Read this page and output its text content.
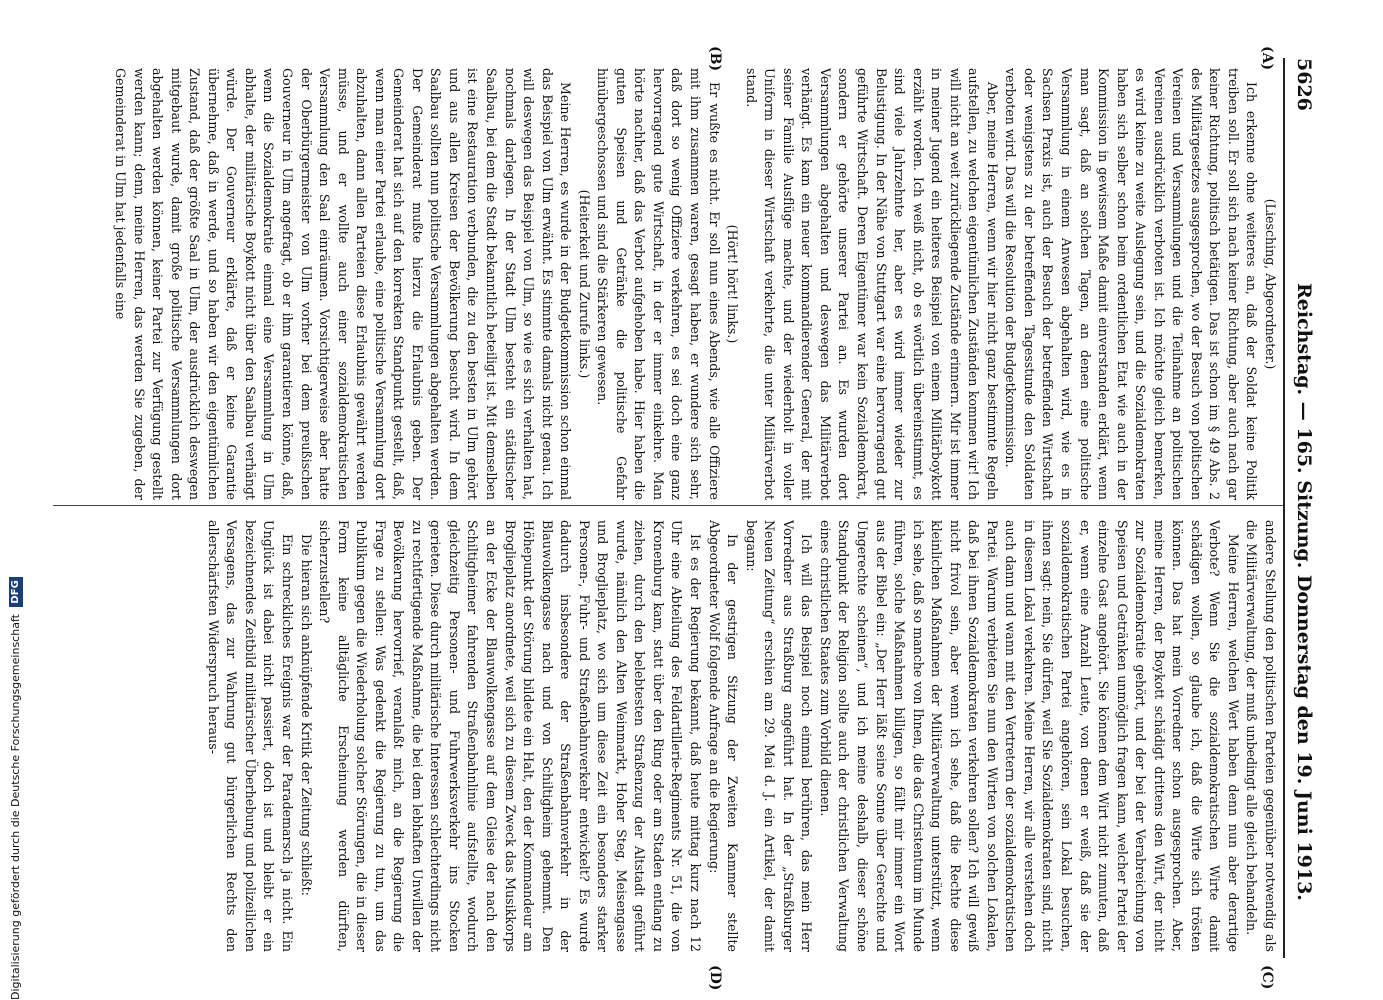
5626
Reichstag. — 165. Sitzung. Donnerstag den 19. Juni 1913.
(A)
(B)
(C)
(D)

(Liesching, Abgeordneter.)

Ich erkenne ohne weiteres an, daß der Soldat keine Politik treiben soll. Er soll sich nach keiner Richtung, aber auch nach gar keiner Richtung, politisch betätigen. Das ist schon im § 49 Abs. 2 des Militärgesetzes ausgesprochen, wo der Besuch von politischen Vereinen und Versammlungen und die Teilnahme an politischen Vereinen ausdrücklich verboten ist. Ich möchte gleich bemerken, es wird keine zu weite Auslegung sein, und die Sozialdemokraten haben sich selber schon beim ordentlichen Etat wie auch in der Kommission in gewissem Maße damit einverstanden erklärt, wenn man sagt, daß an solchen Tagen, an denen eine politische Versammlung in einem Anwesen abgehalten wird, wie es in Sachsen Praxis ist, auch der Besuch der betreffenden Wirtschaft oder wenigstens zu der betreffenden Tagesstunde den Soldaten verboten wird. Das will die Resolution der Budgetkommission.

Aber, meine Herren, wenn wir hier nicht ganz bestimmte Regeln aufstellen, zu welchen eigentümlichen Zuständen kommen wir! Ich will nicht an weit zurückliegende Zustände erinnern. Mir ist immer in meiner Jugend ein heiteres Beispiel von einem Militärboykott erzählt worden. Ich weiß nicht, ob es wörtlich übereinstimmt, es sind viele Jahrzehnte her, aber es wird immer wieder zur Belustigung. In der Nähe von Stuttgart war eine hervorragend gut geführte Wirtschaft. Deren Eigentümer war kein Sozialdemokrat, sondern er gehörte unserer Partei an. Es wurden dort Versammlungen abgehalten und deswegen das Militärverbot verhängt. Es kam ein neuer kommandierender General, der mit seiner Familie Ausflüge machte, und der wiederholt in voller Uniform in dieser Wirtschaft verkehrte, die unter Militärverbot stand.

(Hört! hört! links.)

Er wußte es nicht. Er soll nun eines Abends, wie alle Offiziere mit ihm zusammen waren, gesagt haben, er wundere sich sehr, daß dort so wenig Offiziere verkehren, es sei doch eine ganz hervorragend gute Wirtschaft, in der er immer einkehre. Man hörte nachher, daß das Verbot aufgehoben habe. Hier haben die guten Speisen und Getränke die politische Gefahr hinübergeschossen und sind die Stärkeren gewesen.

(Heiterkeit und Zurufe links.)

Meine Herren, es wurde in der Budgetkommission schon einmal das Beispiel von Ulm erwähnt. Es stimmte damals nicht genau. Ich will deswegen das Beispiel von Ulm, so wie es sich verhalten hat, nochmals darlegen. In der Stadt Ulm besteht ein städtischer Saalbau, bei dem die Stadt bekanntlich beteiligt ist. Mit demselben ist eine Restauration verbunden, die zu den besten in Ulm gehört und aus allen Kreisen der Bevölkerung besucht wird. In dem Saalbau sollten nun politische Versammlungen abgehalten werden. Der Gemeinderat mußte hierzu die Erlaubnis geben. Der Gemeinderat hat sich auf den korrekten Standpunkt gestellt, daß, wenn man einer Partei erlaube, eine politische Versammlung dort abzuhalten, dann allen Parteien diese Erlaubnis gewährt werden müsse, und er wollte auch einer sozialdemokratischen Versammlung den Saal einräumen. Vorsichtigerweise aber hatte der Oberbürgermeister von Ulm vorher bei dem preußischen Gouverneur in Ulm angefragt, ob er ihm garantieren könne, daß, wenn die Sozialdemokratie einmal eine Versammlung in Ulm abhalte, der militärische Boykott nicht über den Saalbau verhängt würde. Der Gouverneur erklärte, daß er keine Garantie übernehme, daß in werde, und so haben wir den eigentümlichen Zustand, daß der größte Saal in Ulm, der ausdrücklich deswegen mitgebaut wurde, damit große politische Versammlungen dort abgehalten werden können, keiner Partei zur Verfügung gestellt werden kann; denn, meine Herren, das werden Sie zugeben, der Gemeinderat in Ulm hat jedenfalls eine

andere Stellung den politischen Parteien gegenüber notwendig als die Militärverwaltung, der muß unbedingt alle gleich behandeln.

Meine Herren, welchen Wert haben denn nun aber derartige Verbote? Wenn Sie die sozialdemokratischen Wirte damit schädigen wollen, so glaube ich, daß die Wirte sich trösten können. Das hat mein Vorredner schon ausgesprochen. Aber, meine Herren, der Boykott schädigt drittens den Wirt, der nicht zur Sozialdemokratie gehört, und der bei der Verabreichung von Speisen und Getränken unmöglich fragen kann, welcher Partei der einzelne Gast angehört. Sie können dem Wirt nicht zumuten, daß er, wenn eine Anzahl Leute, von denen er weiß, daß sie der sozialdemokratischen Partei angehören, sein Lokal besuchen, ihnen sagt: nein, Sie dürfen, weil Sie Sozialdemokraten sind, nicht in diesem Lokal verkehren. Meine Herren, wir alle verstehen doch auch dann und wann mit den Vertretern der sozialdemokratischen Partei. Warum verbieten Sie nun den Wirten von solchen Lokalen, daß bei ihnen Sozialdemokraten verkehren sollen? Ich will gewiß nicht frivol sein, aber wenn ich sehe, daß die Rechte diese kleinlichen Maßnahmen der Militärverwaltung unterstützt, wenn ich sehe, daß so manche von Ihnen, die das Christentum im Munde führen, solche Maßnahmen billigen, so fällt mir immer ein Wort aus der Bibel ein: „Der Herr läßt seine Sonne über Gerechte und Ungerechte scheinen“, und ich meine deshalb, dieser schöne Standpunkt der Religion sollte auch der christlichen Verwaltung eines christlichen Staates zum Vorbild dienen.

Ich will das Beispiel noch einmal berühren, das mein Herr Vorredner aus Straßburg angeführt hat. In der „Straßburger Neuen Zeitung“ erschien am 29. Mai d. J. ein Artikel, der damit begann:

In der gestrigen Sitzung der Zweiten Kammer stellte Abgeordneter Wolf folgende Anfrage an die Regierung:

Ist es der Regierung bekannt, daß heute mittag kurz nach 12 Uhr eine Abteilung des Feldartillerie-Regiments Nr. 51, die von Kronenburg kam, statt über den Ring oder am Staden entlang zu ziehen, durch den belebtesten Straßenzug der Altstadt geführt wurde, nämlich den Alten Weinmarkt, Hoher Steg, Meisengasse und Broglieplatz, wo sich um diese Zeit ein besonders starker Personen-, Fuhr- und Straßenbahnverkehr entwickelt? Es wurde dadurch insbesondere der Straßenbahnverkehr in der Blauwolkengasse nach und von Schiltigheim gehemmt. Den Höhepunkt der Störung bildete ein Halt, den der Kommandeur am Broglieplatz anordnete, weil sich zu diesem Zweck das Musikkorps an der Ecke der Blauwolkengasse auf dem Gleise der nach den Schiltigheimer fahrenden Straßenbahnlinie aufstellte, wodurch gleichzeitig Personen- und Fuhrwerksverkehr ins Stocken gerieten. Diese durch militärische Interessen schlechterdings nicht zu rechtfertigende Maßnahme, die bei dem lebhaften Unwillen der Bevölkerung hervorrief, veranlaßt mich, an die Regierung die Frage zu stellen: Was gedenkt die Regierung zu tun, um das Publikum gegen die Wiederholung solcher Störungen, die in dieser Form keine alltägliche Erscheinung werden dürften, sicherzustellen?

Die hieran sich anknüpfende Kritik der Zeitung schließt:

Ein schreckliches Ereignis war der Parademarsch ja nicht. Ein Unglück ist dabei nicht passiert, doch ist und bleibt er ein bezeichnendes Zeitbild militärischer Überhebung und polizeilichen Versagens, das zur Wahrung gut bürgerlichen Rechts den allerschärfsten Widerspruch heraus-

Digitalisierung gefördert durch die Deutsche Forschungsgemeinschaft DFG
